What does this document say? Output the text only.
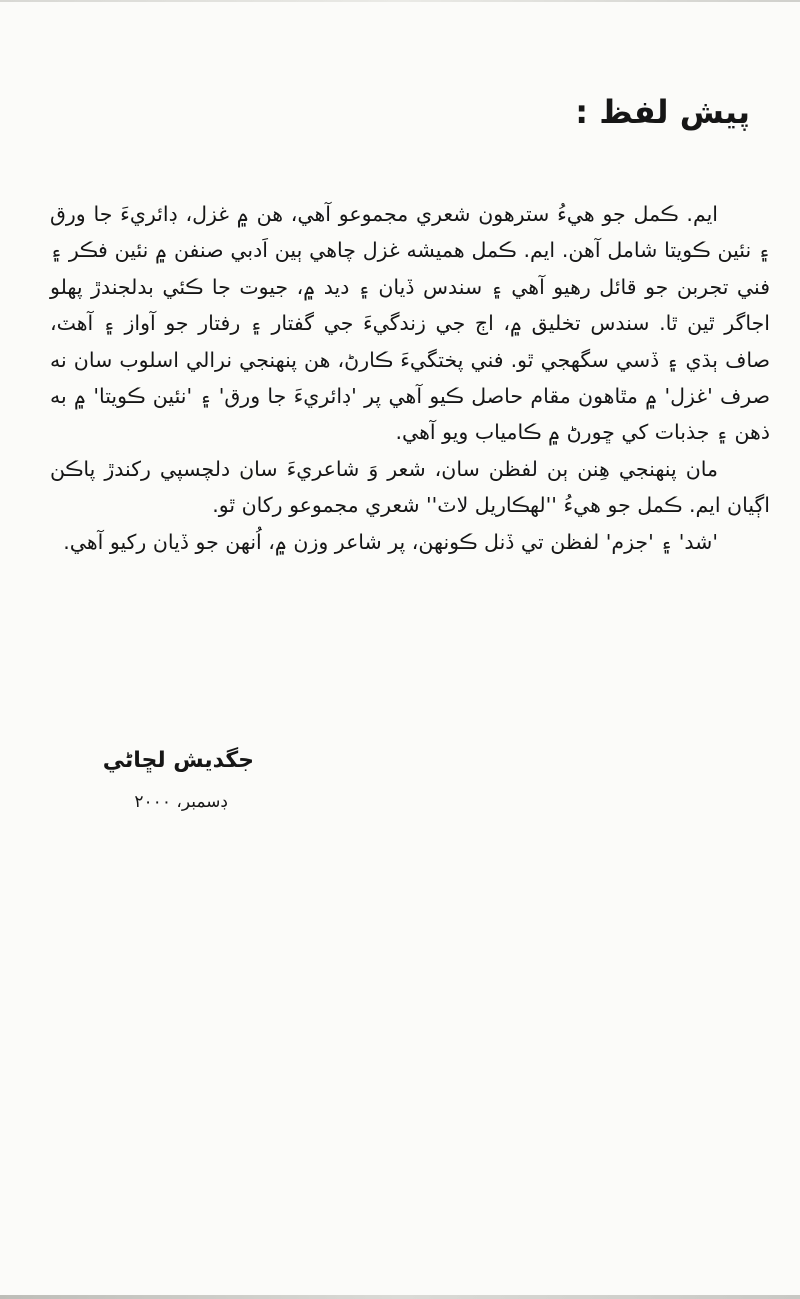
پيش لفظ :

ايم. ڪمل جو هيءُ سترهون شعري مجموعو آهي، هن ۾ غزل، ڊائريءَ جا ورق ۽ نئين ڪويتا شامل آهن. ايم. ڪمل هميشه غزل چاهي ٻين اَدبي صنفن ۾ نئين فڪر ۽ فني تجربن جو قائل رهيو آهي ۽ سندس ڏيان ۽ ديد ۾، جيوت جا ڪئي بدلجندڙ پهلو اجاگر ٿين ٿا. سندس تخليق ۾، اڄ جي زندگيءَ جي گفتار ۽ رفتار جو آواز ۽ آهٽ، صاف ٻڌي ۽ ڏسي سگهجي ٿو. فني پختگيءَ ڪارڻ، هن پنهنجي نرالي اسلوب سان نه صرف 'غزل' ۾ مٿاهون مقام حاصل ڪيو آهي پر 'ڊائريءَ جا ورق' ۽ 'نئين ڪويتا' ۾ به ذهن ۽ جذبات کي ڇورڻ ۾ ڪامياب ويو آهي.

مان پنهنجي هِنن ٻن لفظن سان، شعر وَ شاعريءَ سان دلچسپي رکندڙ پاڪن اڳيان ايم. ڪمل جو هيءُ ''لهڪاريل لاٽ'' شعري مجموعو رکان ٿو.

'شد' ۽ 'جزم' لفظن تي ڏنل ڪونهن، پر شاعر وزن ۾، اُنهن جو ڏيان رکيو آهي.

جگديش لڇاڻي
ڊسمبر، ٢٠٠٠
